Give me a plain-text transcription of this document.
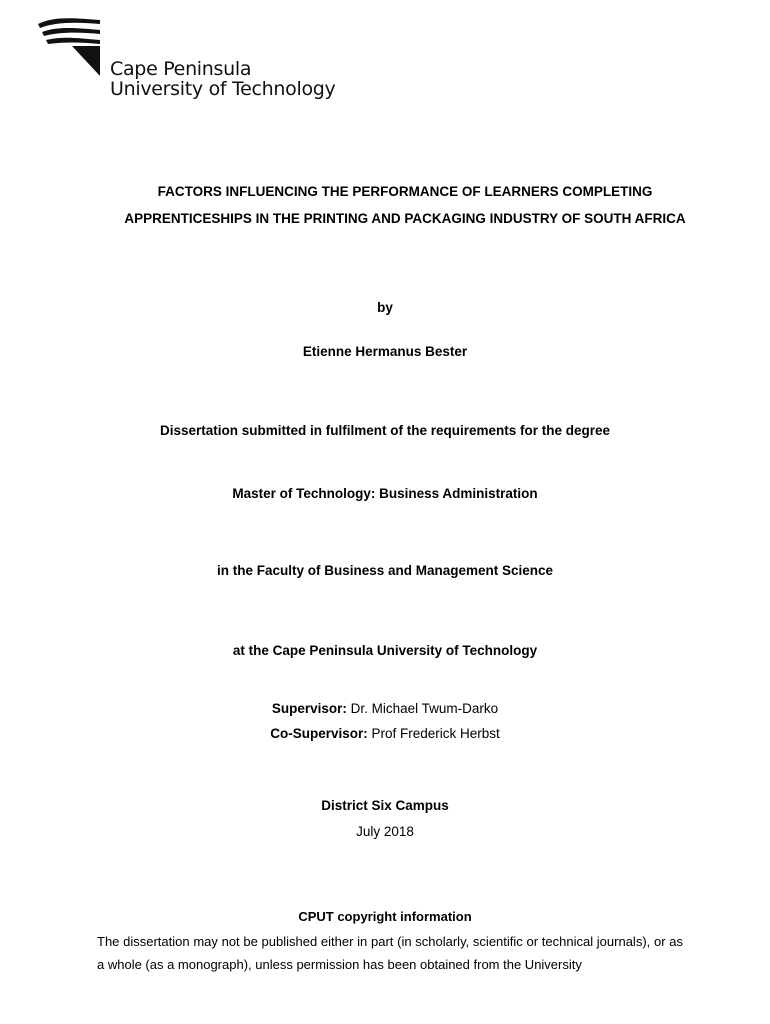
Cape Peninsula
University of Technology
FACTORS INFLUENCING THE PERFORMANCE OF LEARNERS COMPLETING APPRENTICESHIPS IN THE PRINTING AND PACKAGING INDUSTRY OF SOUTH AFRICA
by
Etienne Hermanus Bester
Dissertation submitted in fulfilment of the requirements for the degree
Master of Technology: Business Administration
in the Faculty of Business and Management Science
at the Cape Peninsula University of Technology
Supervisor: Dr. Michael Twum-Darko
Co-Supervisor: Prof Frederick Herbst
District Six Campus
July 2018
CPUT copyright information
The dissertation may not be published either in part (in scholarly, scientific or technical journals), or as a whole (as a monograph), unless permission has been obtained from the University
